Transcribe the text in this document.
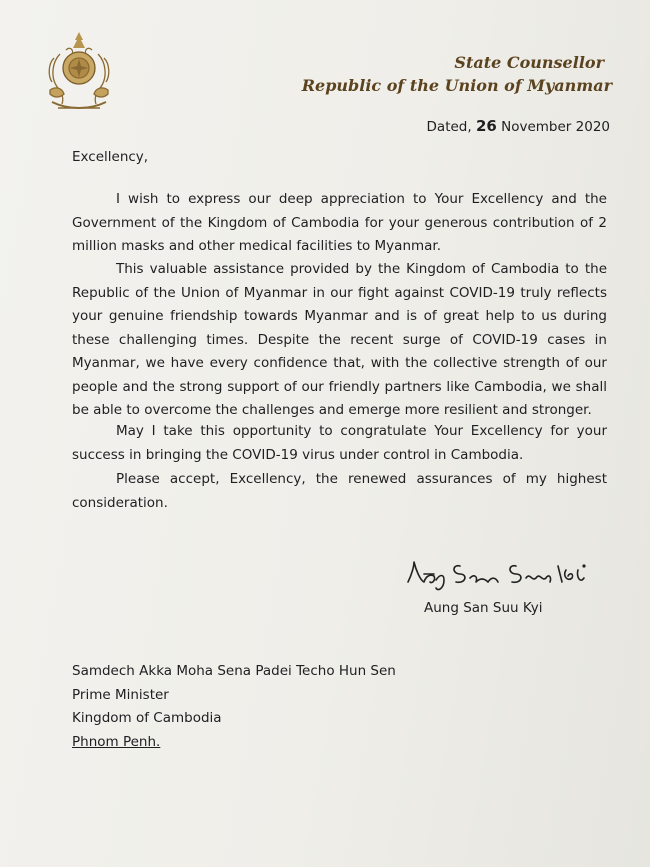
State Counsellor
Republic of the Union of Myanmar
Dated, 26 November 2020
Excellency,
I wish to express our deep appreciation to Your Excellency and the Government of the Kingdom of Cambodia for your generous contribution of 2 million masks and other medical facilities to Myanmar.
This valuable assistance provided by the Kingdom of Cambodia to the Republic of the Union of Myanmar in our fight against COVID-19 truly reflects your genuine friendship towards Myanmar and is of great help to us during these challenging times. Despite the recent surge of COVID-19 cases in Myanmar, we have every confidence that, with the collective strength of our people and the strong support of our friendly partners like Cambodia, we shall be able to overcome the challenges and emerge more resilient and stronger.
May I take this opportunity to congratulate Your Excellency for your success in bringing the COVID-19 virus under control in Cambodia.
Please accept, Excellency, the renewed assurances of my highest consideration.
Aung San Suu Kyi
Samdech Akka Moha Sena Padei Techo Hun Sen
Prime Minister
Kingdom of Cambodia
Phnom Penh.
